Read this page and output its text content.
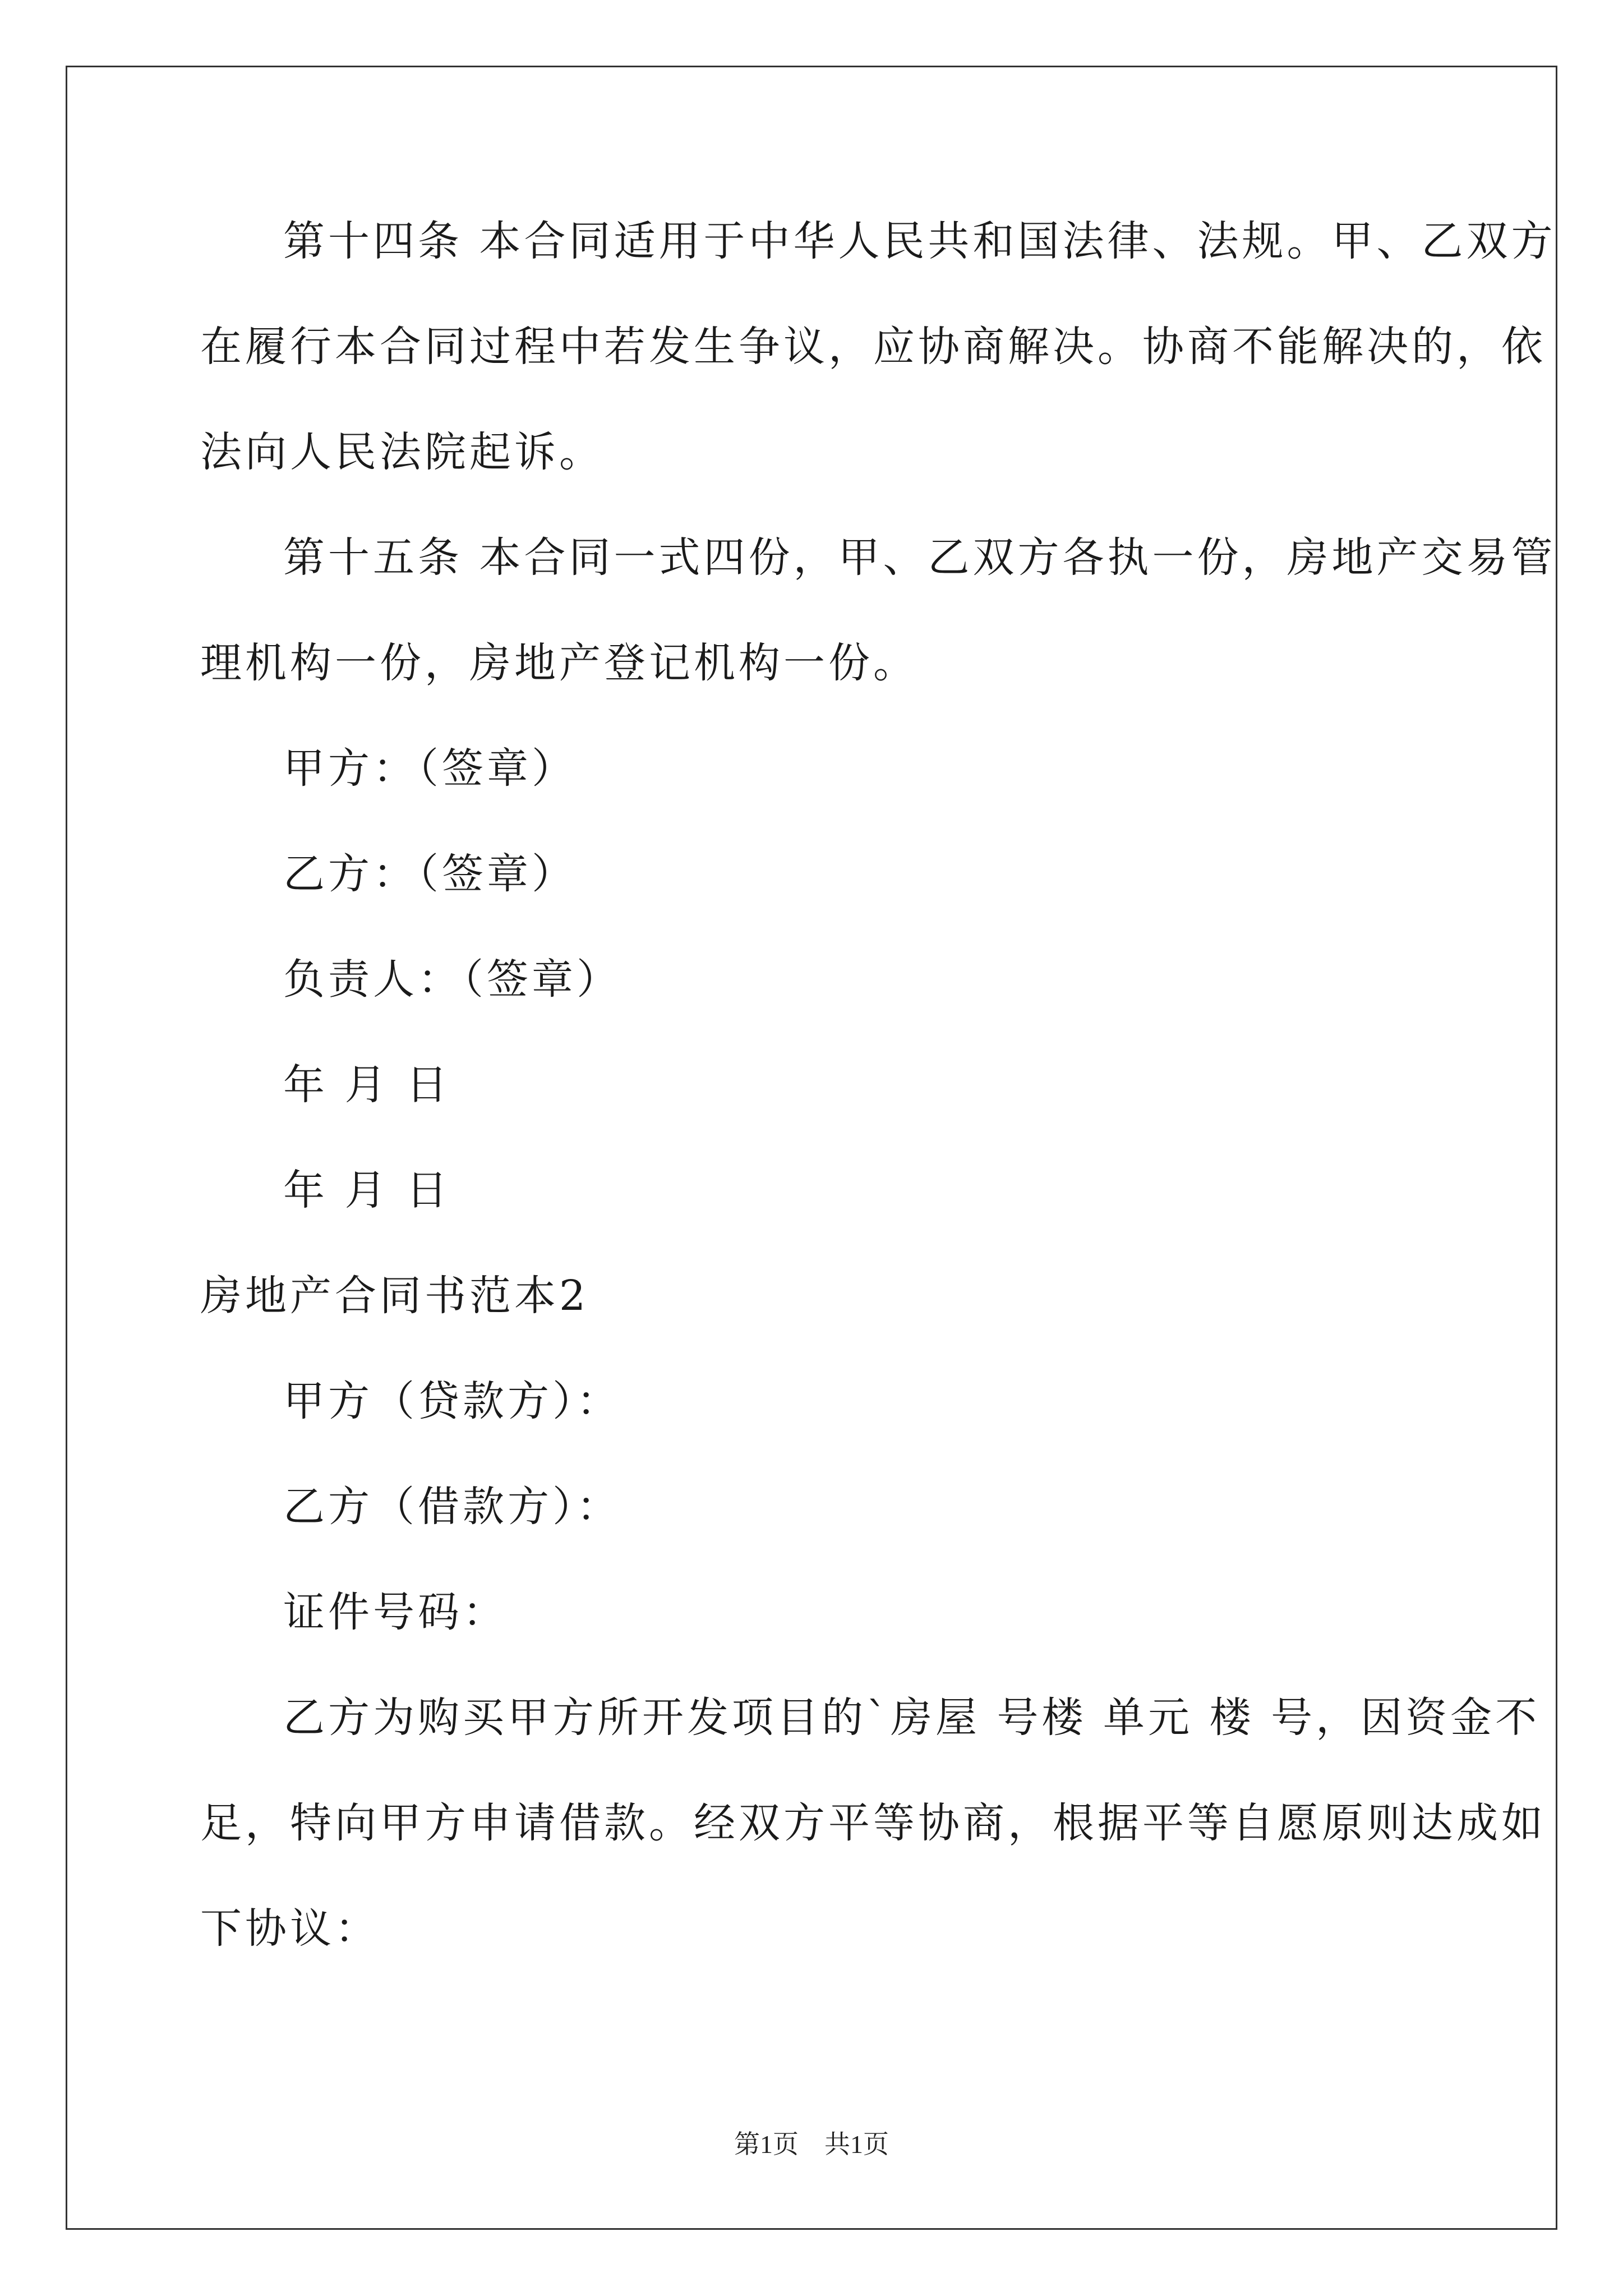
第十四条 本合同适用于中华人民共和国法律、法规。甲、乙双方
在履行本合同过程中若发生争议，应协商解决。协商不能解决的，依
法向人民法院起诉。
第十五条 本合同一式四份，甲、乙双方各执一份，房地产交易管
理机构一份，房地产登记机构一份。
甲方：（签章）
乙方：（签章）
负责人：（签章）
年 月 日
年 月 日
房地产合同书范本2
甲方（贷款方）：
乙方（借款方）：
证件号码：
乙方为购买甲方所开发项目的`房屋 号楼 单元 楼 号，因资金不
足，特向甲方申请借款。经双方平等协商，根据平等自愿原则达成如
下协议：
第1页　共1页
